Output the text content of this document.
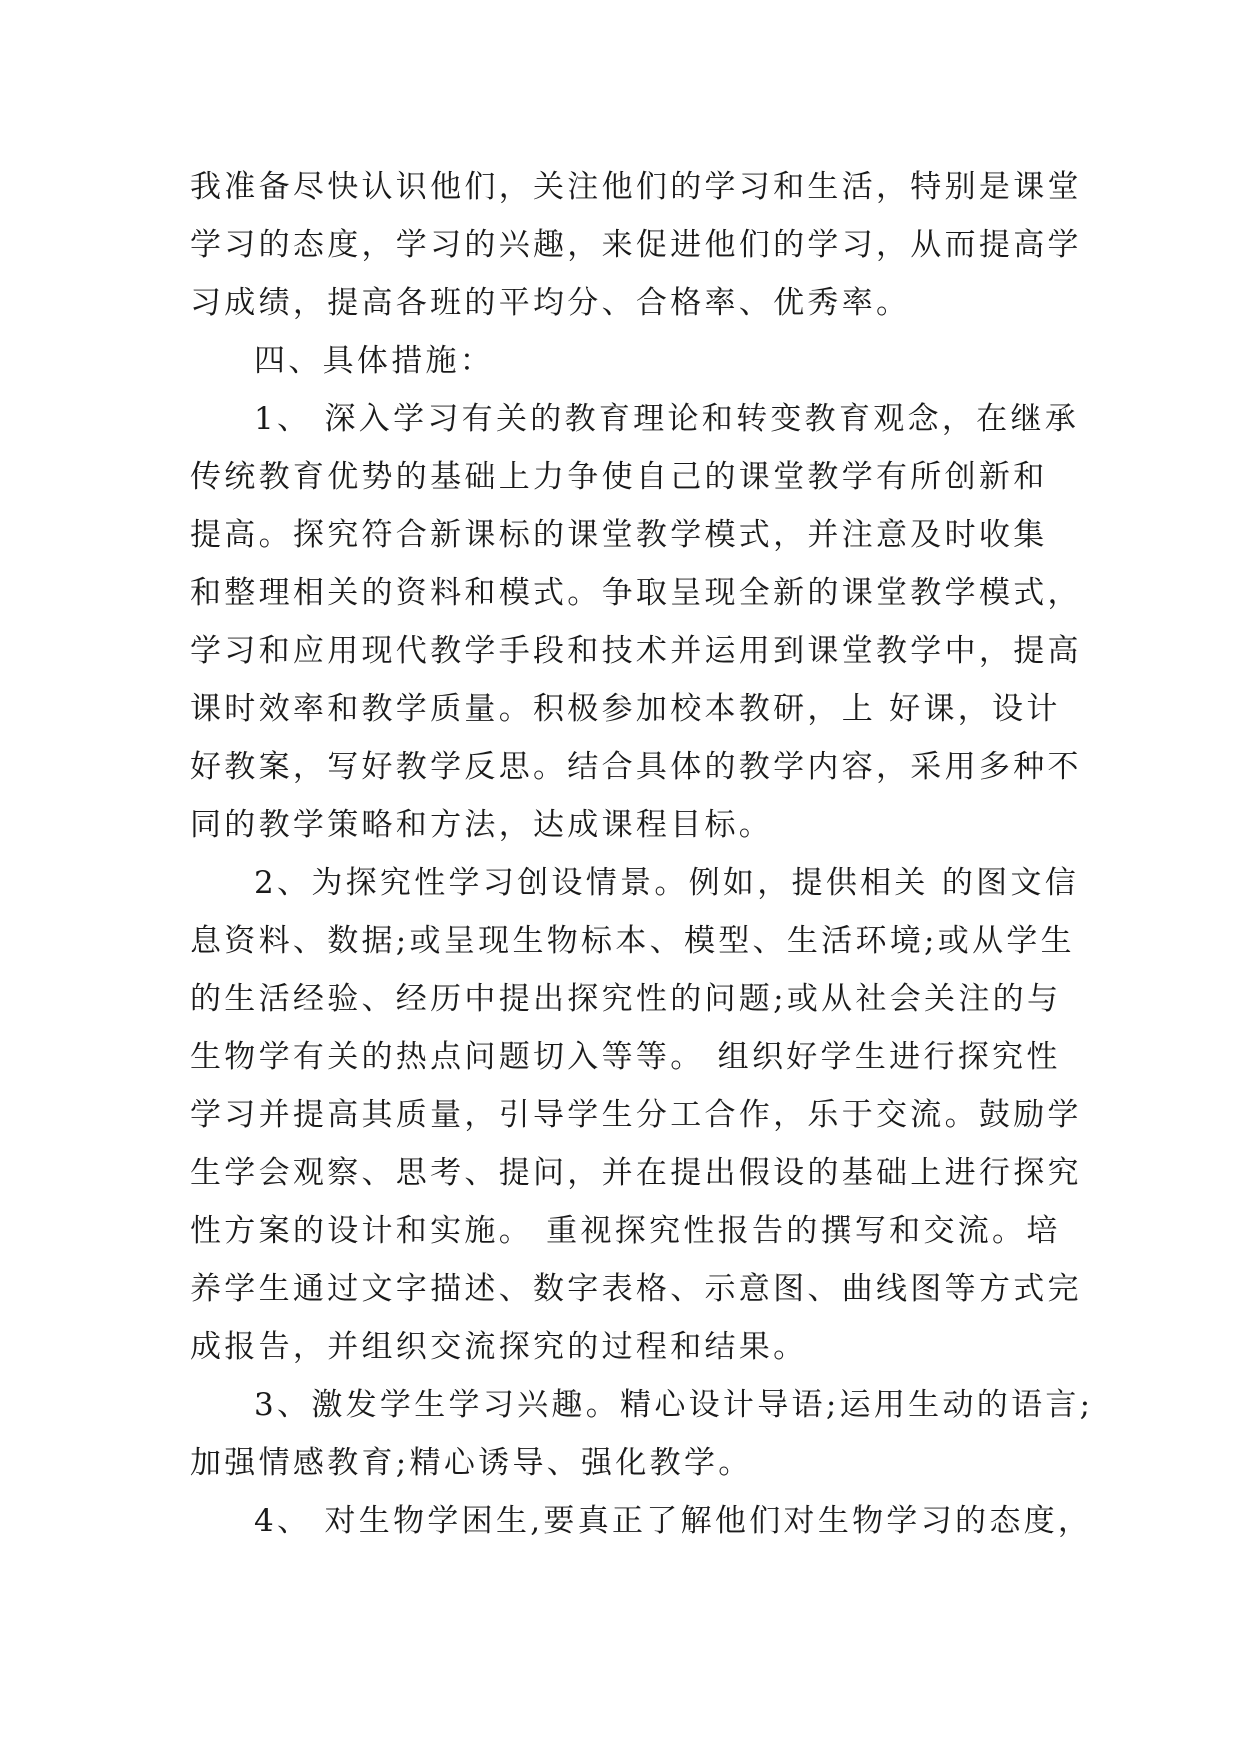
我准备尽快认识他们，关注他们的学习和生活，特别是课堂
学习的态度，学习的兴趣，来促进他们的学习，从而提高学
习成绩，提高各班的平均分、合格率、优秀率。
四、具体措施：
1、 深入学习有关的教育理论和转变教育观念，在继承
传统教育优势的基础上力争使自己的课堂教学有所创新和
提高。探究符合新课标的课堂教学模式，并注意及时收集
和整理相关的资料和模式。争取呈现全新的课堂教学模式，
学习和应用现代教学手段和技术并运用到课堂教学中，提高
课时效率和教学质量。积极参加校本教研，上 好课，设计
好教案，写好教学反思。结合具体的教学内容，采用多种不
同的教学策略和方法，达成课程目标。
2、为探究性学习创设情景。例如，提供相关 的图文信
息资料、数据;或呈现生物标本、模型、生活环境;或从学生
的生活经验、经历中提出探究性的问题;或从社会关注的与
生物学有关的热点问题切入等等。 组织好学生进行探究性
学习并提高其质量，引导学生分工合作，乐于交流。鼓励学
生学会观察、思考、提问，并在提出假设的基础上进行探究
性方案的设计和实施。 重视探究性报告的撰写和交流。培
养学生通过文字描述、数字表格、示意图、曲线图等方式完
成报告，并组织交流探究的过程和结果。
3、激发学生学习兴趣。精心设计导语;运用生动的语言;
加强情感教育;精心诱导、强化教学。
4、 对生物学困生,要真正了解他们对生物学习的态度，
